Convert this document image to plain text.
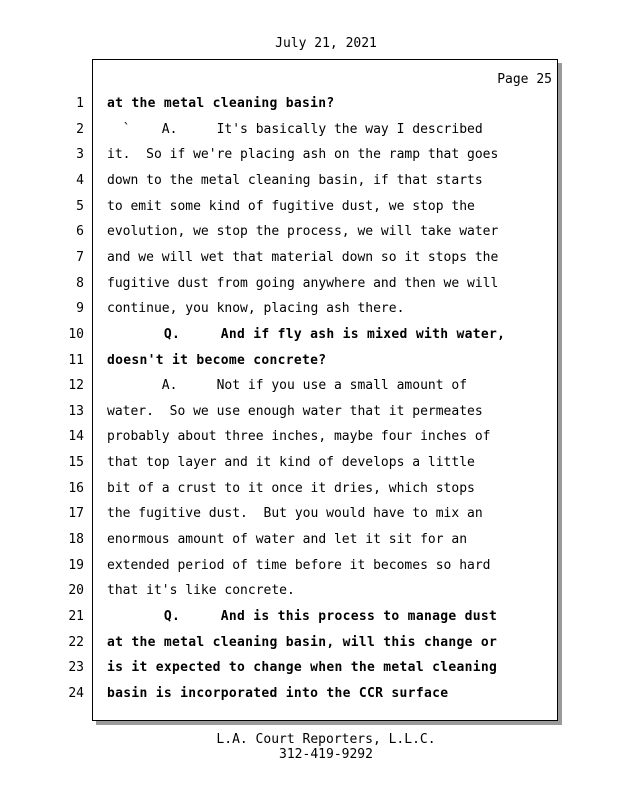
July 21, 2021
Page 25
1 at the metal cleaning basin?
2 `    A.     It's basically the way I described
3 it.  So if we're placing ash on the ramp that goes
4 down to the metal cleaning basin, if that starts
5 to emit some kind of fugitive dust, we stop the
6 evolution, we stop the process, we will take water
7 and we will wet that material down so it stops the
8 fugitive dust from going anywhere and then we will
9 continue, you know, placing ash there.
10 Q.     And if fly ash is mixed with water,
11 doesn't it become concrete?
12 A.     Not if you use a small amount of
13 water.  So we use enough water that it permeates
14 probably about three inches, maybe four inches of
15 that top layer and it kind of develops a little
16 bit of a crust to it once it dries, which stops
17 the fugitive dust.  But you would have to mix an
18 enormous amount of water and let it sit for an
19 extended period of time before it becomes so hard
20 that it's like concrete.
21 Q.     And is this process to manage dust
22 at the metal cleaning basin, will this change or
23 is it expected to change when the metal cleaning
24 basin is incorporated into the CCR surface
L.A. Court Reporters, L.L.C.
312-419-9292
